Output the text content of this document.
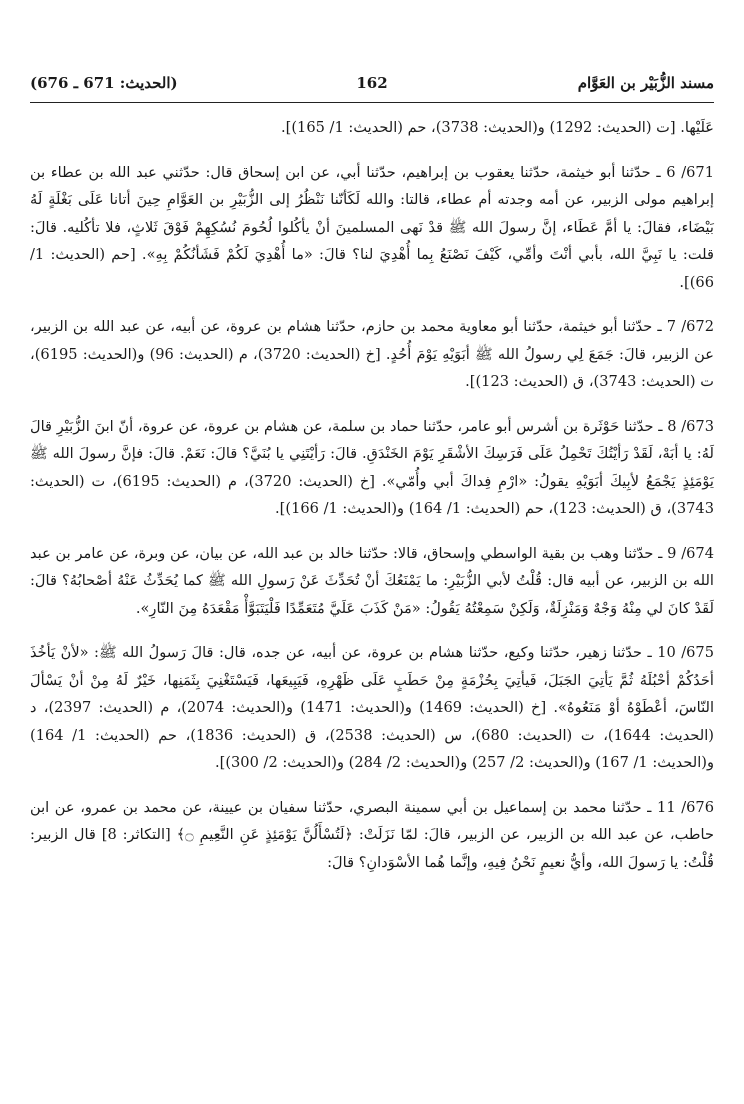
مسند الزُّبَيْر بن العَوَّام
162
(الحديث: 671 ـ 676)

عَلَيْها. [ت (الحديث: 1292) و(الحديث: 3738)، حم (الحديث: 1/ 165)].

671/ 6 ـ حدّثنا أبو خيثمة، حدّثنا يعقوب بن إبراهيم، حدّثنا أبي، عن ابن إسحاق قال: حدّثني عبد الله بن عطاء بن إبراهيم مولى الزبير، عن أمه وجدته أم عطاء، قالتا: والله لَكَأنّنا نَنْظُرُ إلى الزُّبَيْرِ بن العَوَّامِ حِينَ أتانا عَلَى بَغْلَةٍ لَهُ بَيْضَاء، فقالَ: يا أمَّ عَطَاء، إنَّ رسولَ الله ﷺ قدْ نَهى المسلمينَ أنْ يأكُلوا لُحُومَ نُسُكِهِمْ فَوْقَ ثَلاثٍ، فلا تأكُليه. قالَ: قلت: يا نَبِيَّ الله، بأبي أنْتَ وأمِّي، كَيْفَ نَصْنَعُ بِما أُهْدِيَ لنا؟ قالَ: «ما أُهْدِيَ لَكُمْ فَشَأنُكُمْ بِهِ». [حم (الحديث: 1/ 66)].

672/ 7 ـ حدّثنا أبو خيثمة، حدّثنا أبو معاوية محمد بن حازم، حدّثنا هشام بن عروة، عن أبيه، عن عبد الله بن الزبير، عن الزبير، قالَ: جَمَعَ لِي رسولُ الله ﷺ أبَوَيْهِ يَوْمَ أُحُدٍ. [خ (الحديث: 3720)، م (الحديث: 96) و(الحديث: 6195)، ت (الحديث: 3743)، ق (الحديث: 123)].

673/ 8 ـ حدّثنا حَوْثَرة بن أشرس أبو عامر، حدّثنا حماد بن سلمة، عن هشام بن عروة، عن عروة، أنّ ابنَ الزُّبَيْرِ قالَ لَهُ: يا أبَهْ، لَقَدْ رَأيْتُكَ تَحْمِلُ عَلَى فَرَسِكَ الأشْقَرِ يَوْمَ الخَنْدَقِ. قالَ: رَأيْتَنِي يا بُنَيَّ؟ قالَ: نَعَمْ. قالَ: فإنَّ رسولَ الله ﷺ يَوْمَئِذٍ يَجْمَعُ لأبِيكَ أبَوَيْهِ يقولُ: «ارْمِ فِداكَ أبي وأُمّي». [خ (الحديث: 3720)، م (الحديث: 6195)، ت (الحديث: 3743)، ق (الحديث: 123)، حم (الحديث: 1/ 164) و(الحديث: 1/ 166)].

674/ 9 ـ حدّثنا وهب بن بقية الواسطي وإسحاق، قالا: حدّثنا خالد بن عبد الله، عن بيان، عن وبرة، عن عامر بن عبد الله بن الزبير، عن أبيه قال: قُلْتُ لأبي الزُّبَيْرِ: ما يَمْنَعُكَ أنْ تُحَدِّثَ عَنْ رَسولِ الله ﷺ كما يُحَدِّثُ عَنْهُ أصْحابُهُ؟ قالَ: لَقَدْ كانَ لي مِنْهُ وَجْهٌ وَمَنْزِلَةٌ، وَلَكِنْ سَمِعْتُهُ يَقُولُ: «مَنْ كَذَبَ عَلَيَّ مُتَعَمِّدًا فَلْيَتَبَوَّأْ مَقْعَدَهُ مِنَ النّارِ».

675/ 10 ـ حدّثنا زهير، حدّثنا وكيع، حدّثنا هشام بن عروة، عن أبيه، عن جده، قال: قالَ رَسولُ الله ﷺ: «لأنْ يَأخُذَ أحَدُكُمْ أحْبُلَهُ ثُمَّ يَأتِيَ الجَبَلَ، فَيأتِيَ بِحُزْمَةٍ مِنْ حَطَبٍ عَلَى ظَهْرِهِ، فَيَبِيعَها، فَيَسْتَغْنِيَ بِثَمَنِها، خَيْرٌ لَهُ مِنْ أنْ يَسْألَ النّاسَ، أعْطَوْهُ أوْ مَنَعُوهُ». [خ (الحديث: 1469) و(الحديث: 1471) و(الحديث: 2074)، م (الحديث: 2397)، د (الحديث: 1644)، ت (الحديث: 680)، س (الحديث: 2538)، ق (الحديث: 1836)، حم (الحديث: 1/ 164) و(الحديث: 1/ 167) و(الحديث: 2/ 257) و(الحديث: 2/ 284) و(الحديث: 2/ 300)].

676/ 11 ـ حدّثنا محمد بن إسماعيل بن أبي سمينة البصري، حدّثنا سفيان بن عيينة، عن محمد بن عمرو، عن ابن حاطب، عن عبد الله بن الزبير، عن الزبير، قالَ: لمّا نَزَلَتْ: ﴿لَتُسْأَلُنَّ يَوْمَئِذٍ عَنِ النَّعِيمِ ۝﴾ [التكاثر: 8] قال الزبير: قُلْتُ: يا رَسولَ الله، وأيُّ نعيمٍ نَحْنُ فِيهِ، وإنَّما هُما الأسْوَدانِ؟ قالَ:
